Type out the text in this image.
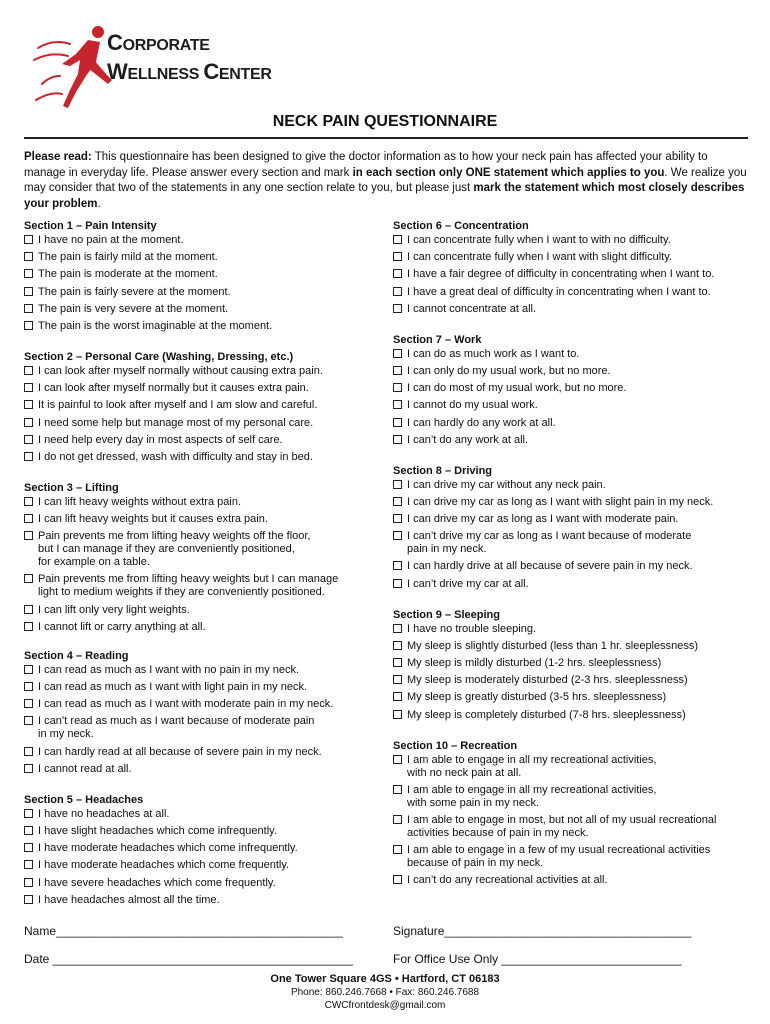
CORPORATE
WELLNESS CENTER
NECK PAIN QUESTIONNAIRE
Please read: This questionnaire has been designed to give the doctor information as to how your neck pain has affected your ability to manage in everyday life. Please answer every section and mark in each section only ONE statement which applies to you. We realize you may consider that two of the statements in any one section relate to you, but please just mark the statement which most closely describes your problem.
Section 1 – Pain Intensity
I have no pain at the moment.
The pain is fairly mild at the moment.
The pain is moderate at the moment.
The pain is fairly severe at the moment.
The pain is very severe at the moment.
The pain is the worst imaginable at the moment.
Section 2 – Personal Care (Washing, Dressing, etc.)
I can look after myself normally without causing extra pain.
I can look after myself normally but it causes extra pain.
It is painful to look after myself and I am slow and careful.
I need some help but manage most of my personal care.
I need help every day in most aspects of self care.
I do not get dressed, wash with difficulty and stay in bed.
Section 3 – Lifting
I can lift heavy weights without extra pain.
I can lift heavy weights but it causes extra pain.
Pain prevents me from lifting heavy weights off the floor,
but I can manage if they are conveniently positioned,
for example on a table.
Pain prevents me from lifting heavy weights but I can manage
light to medium weights if they are conveniently positioned.
I can lift only very light weights.
I cannot lift or carry anything at all.
Section 4 – Reading
I can read as much as I want with no pain in my neck.
I can read as much as I want with light pain in my neck.
I can read as much as I want with moderate pain in my neck.
I can’t read as much as I want because of moderate pain
in my neck.
I can hardly read at all because of severe pain in my neck.
I cannot read at all.
Section 5 – Headaches
I have no headaches at all.
I have slight headaches which come infrequently.
I have moderate headaches which come infrequently.
I have moderate headaches which come frequently.
I have severe headaches which come frequently.
I have headaches almost all the time.
Section 6 – Concentration
I can concentrate fully when I want to with no difficulty.
I can concentrate fully when I want with slight difficulty.
I have a fair degree of difficulty in concentrating when I want to.
I have a great deal of difficulty in concentrating when I want to.
I cannot concentrate at all.
Section 7 – Work
I can do as much work as I want to.
I can only do my usual work, but no more.
I can do most of my usual work, but no more.
I cannot do my usual work.
I can hardly do any work at all.
I can’t do any work at all.
Section 8 – Driving
I can drive my car without any neck pain.
I can drive my car as long as I want with slight pain in my neck.
I can drive my car as long as I want with moderate pain.
I can’t drive my car as long as I want because of moderate
pain in my neck.
I can hardly drive at all because of severe pain in my neck.
I can’t drive my car at all.
Section 9 – Sleeping
I have no trouble sleeping.
My sleep is slightly disturbed (less than 1 hr. sleeplessness)
My sleep is mildly disturbed (1-2 hrs. sleeplessness)
My sleep is moderately disturbed (2-3 hrs. sleeplessness)
My sleep is greatly disturbed (3-5 hrs. sleeplessness)
My sleep is completely disturbed (7-8 hrs. sleeplessness)
Section 10 – Recreation
I am able to engage in all my recreational activities,
with no neck pain at all.
I am able to engage in all my recreational activities,
with some pain in my neck.
I am able to engage in most, but not all of my usual recreational
activities because of pain in my neck.
I am able to engage in a few of my usual recreational activities
because of pain in my neck.
I can’t do any recreational activities at all.
Name___________________________________________	Signature_____________________________________
Date _____________________________________________	For Office Use Only ___________________________
One Tower Square 4GS • Hartford, CT 06183
Phone: 860.246.7668 • Fax: 860.246.7688
CWCfrontdesk@gmail.com
